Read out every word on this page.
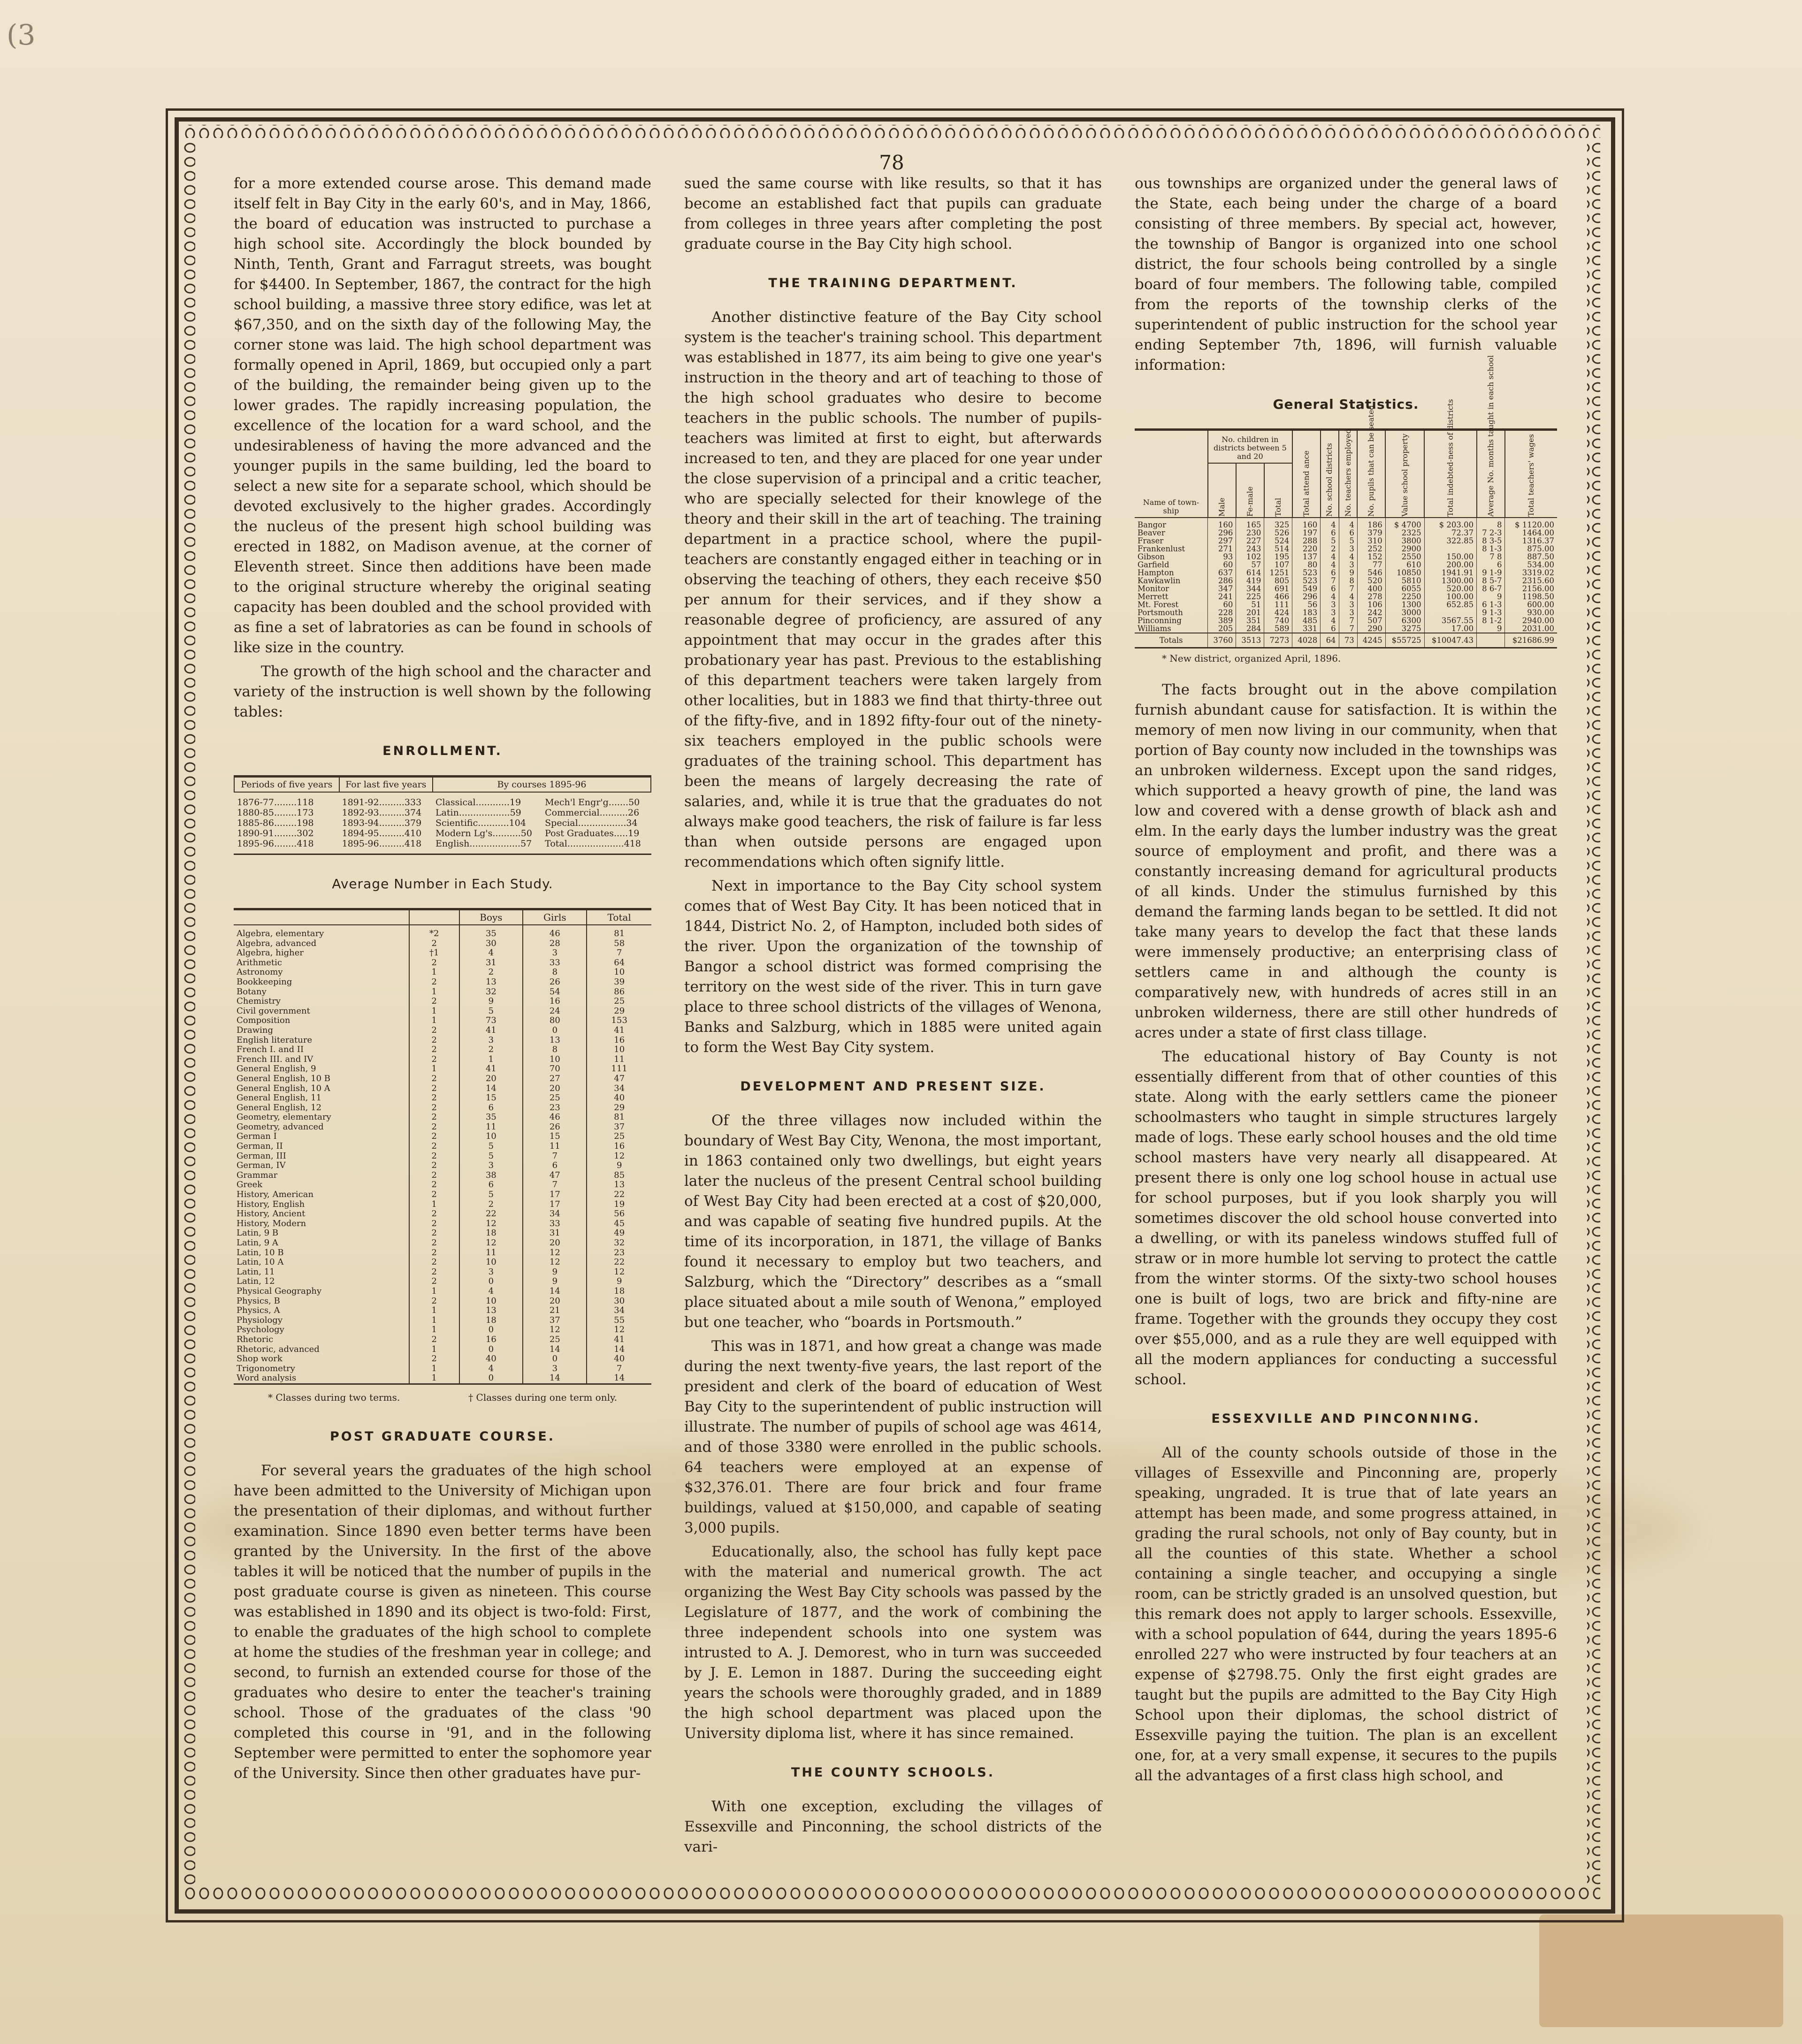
(3
78

for a more extended course arose. This demand made itself felt in Bay City in the early 60's, and in May, 1866, the board of education was instructed to purchase a high school site. Accordingly the block bounded by Ninth, Tenth, Grant and Farragut streets, was bought for $4400. In September, 1867, the contract for the high school building, a massive three story edifice, was let at $67,350, and on the sixth day of the following May, the corner stone was laid. The high school department was formally opened in April, 1869, but occupied only a part of the building, the remainder being given up to the lower grades. The rapidly increasing population, the excellence of the location for a ward school, and the undesirableness of having the more advanced and the younger pupils in the same building, led the board to select a new site for a separate school, which should be devoted exclusively to the higher grades. Accordingly the nucleus of the present high school building was erected in 1882, on Madison avenue, at the corner of Eleventh street. Since then additions have been made to the original structure whereby the original seating capacity has been doubled and the school provided with as fine a set of labratories as can be found in schools of like size in the country.

The growth of the high school and the character and variety of the instruction is well shown by the following tables:

ENROLLMENT.
Periods of five years	For last five years	By courses 1895-96	
1876-77........118	1891-92.........333	Classical............19	Mech'l Engr'g.......50
1880-85........173	1892-93.........374	Latin..................59	Commercial..........26
1885-86........198	1893-94.........379	Scientific...........104	Special.................34
1890-91........302	1894-95.........410	Modern Lg's..........50	Post Graduates.....19
1895-96........418	1895-96.........418	English..................57	Total....................418
Average Number in Each Study.
		Boys	Girls	Total
Algebra, elementary	*2	35	46	81
Algebra, advanced	2	30	28	58
Algebra, higher	†1	4	3	7
Arithmetic	2	31	33	64
Astronomy	1	2	8	10
Bookkeeping	2	13	26	39
Botany	1	32	54	86
Chemistry	2	9	16	25
Civil government	1	5	24	29
Composition	1	73	80	153
Drawing	2	41	0	41
English literature	2	3	13	16
French I. and II	2	2	8	10
French III. and IV	2	1	10	11
General English, 9	1	41	70	111
General English, 10 B	2	20	27	47
General English, 10 A	2	14	20	34
General English, 11	2	15	25	40
General English, 12	2	6	23	29
Geometry, elementary	2	35	46	81
Geometry, advanced	2	11	26	37
German I	2	10	15	25
German, II	2	5	11	16
German, III	2	5	7	12
German, IV	2	3	6	9
Grammar	2	38	47	85
Greek	2	6	7	13
History, American	2	5	17	22
History, English	1	2	17	19
History, Ancient	2	22	34	56
History, Modern	2	12	33	45
Latin, 9 B	2	18	31	49
Latin, 9 A	2	12	20	32
Latin, 10 B	2	11	12	23
Latin, 10 A	2	10	12	22
Latin, 11	2	3	9	12
Latin, 12	2	0	9	9
Physical Geography	1	4	14	18
Physics, B	2	10	20	30
Physics, A	1	13	21	34
Physiology	1	18	37	55
Psychology	1	0	12	12
Rhetoric	2	16	25	41
Rhetoric, advanced	1	0	14	14
Shop work	2	40	0	40
Trigonometry	1	4	3	7
Word analysis	1	0	14	14
* Classes during two terms.	† Classes during one term only.
POST GRADUATE COURSE.

For several years the graduates of the high school have been admitted to the University of Michigan upon the presentation of their diplomas, and without further examination. Since 1890 even better terms have been granted by the University. In the first of the above tables it will be noticed that the number of pupils in the post graduate course is given as nineteen. This course was established in 1890 and its object is two-fold: First, to enable the graduates of the high school to complete at home the studies of the freshman year in college; and second, to furnish an extended course for those of the graduates who desire to enter the teacher's training school. Those of the graduates of the class '90 completed this course in '91, and in the following September were permitted to enter the sophomore year of the University. Since then other graduates have pur-

sued the same course with like results, so that it has become an established fact that pupils can graduate from colleges in three years after completing the post graduate course in the Bay City high school.

THE TRAINING DEPARTMENT.

Another distinctive feature of the Bay City school system is the teacher's training school. This department was established in 1877, its aim being to give one year's instruction in the theory and art of teaching to those of the high school graduates who desire to become teachers in the public schools. The number of pupils-teachers was limited at first to eight, but afterwards increased to ten, and they are placed for one year under the close supervision of a principal and a critic teacher, who are specially selected for their knowlege of the theory and their skill in the art of teaching. The training department in a practice school, where the pupil-teachers are constantly engaged either in teaching or in observing the teaching of others, they each receive $50 per annum for their services, and if they show a reasonable degree of proficiency, are assured of any appointment that may occur in the grades after this probationary year has past. Previous to the establishing of this department teachers were taken largely from other localities, but in 1883 we find that thirty-three out of the fifty-five, and in 1892 fifty-four out of the ninety-six teachers employed in the public schools were graduates of the training school. This department has been the means of largely decreasing the rate of salaries, and, while it is true that the graduates do not always make good teachers, the risk of failure is far less than when outside persons are engaged upon recommendations which often signify little.

Next in importance to the Bay City school system comes that of West Bay City. It has been noticed that in 1844, District No. 2, of Hampton, included both sides of the river. Upon the organization of the township of Bangor a school district was formed comprising the territory on the west side of the river. This in turn gave place to three school districts of the villages of Wenona, Banks and Salzburg, which in 1885 were united again to form the West Bay City system.

DEVELOPMENT AND PRESENT SIZE.

Of the three villages now included within the boundary of West Bay City, Wenona, the most important, in 1863 contained only two dwellings, but eight years later the nucleus of the present Central school building of West Bay City had been erected at a cost of $20,000, and was capable of seating five hundred pupils. At the time of its incorporation, in 1871, the village of Banks found it necessary to employ but two teachers, and Salzburg, which the “Directory” describes as a “small place situated about a mile south of Wenona,” employed but one teacher, who “boards in Portsmouth.”

This was in 1871, and how great a change was made during the next twenty-five years, the last report of the president and clerk of the board of education of West Bay City to the superintendent of public instruction will illustrate. The number of pupils of school age was 4614, and of those 3380 were enrolled in the public schools. 64 teachers were employed at an expense of $32,376.01. There are four brick and four frame buildings, valued at $150,000, and capable of seating 3,000 pupils.

Educationally, also, the school has fully kept pace with the material and numerical growth. The act organizing the West Bay City schools was passed by the Legislature of 1877, and the work of combining the three independent schools into one system was intrusted to A. J. Demorest, who in turn was succeeded by J. E. Lemon in 1887. During the succeeding eight years the schools were thoroughly graded, and in 1889 the high school department was placed upon the University diploma list, where it has since remained.

THE COUNTY SCHOOLS.

With one exception, excluding the villages of Essexville and Pinconning, the school districts of the vari-

ous townships are organized under the general laws of the State, each being under the charge of a board consisting of three members. By special act, however, the township of Bangor is organized into one school district, the four schools being controlled by a single board of four members. The following table, compiled from the reports of the township clerks of the superintendent of public instruction for the school year ending September 7th, 1896, will furnish valuable information:

General Statistics.
Name of town-ship	No. children in districts between 5 and 20			Total attend ance	No. school districts	No. teachers employed	No. pupils that can be seated	Value school property	Total indebted-ness of districts	Average No. months taught in each school	Total teachers' wages
	Male	Fe-male	Total								
Bangor	160	165	325	160	4	4	186	$ 4700	$ 203.00	8	$ 1120.00
Beaver	296	230	526	197	6	6	379	2325	72.37	7 2-3	1464.00
Fraser	297	227	524	288	5	5	310	3800	322.85	8 3-5	1316.37
Frankenlust	271	243	514	220	2	3	252	2900		8 1-3	875.00
Gibson	93	102	195	137	4	4	152	2550	150.00	7 8	887.50
Garfield	60	57	107	80	4	3	77	610	200.00	6	534.00
Hampton	637	614	1251	523	6	9	546	10850	1941.91	9 1-9	3319.02
Kawkawlin	286	419	805	523	7	8	520	5810	1300.00	8 5-7	2315.60
Monitor	347	344	691	549	6	7	400	6055	520.00	8 6-7	2156.00
Merrett	241	225	466	296	4	4	278	2250	100.00	9	1198.50
Mt. Forest	60	51	111	56	3	3	106	1300	652.85	6 1-3	600.00
Portsmouth	228	201	424	183	3	3	242	3000		9 1-3	930.00
Pinconning	389	351	740	485	4	7	507	6300	3567.55	8 1-2	2940.00
Williams	205	284	589	331	6	7	290	3275	17.00	9	2031.00
Totals	3760	3513	7273	4028	64	73	4245	$55725	$10047.43		$21686.99

* New district, organized April, 1896.

The facts brought out in the above compilation furnish abundant cause for satisfaction. It is within the memory of men now living in our community, when that portion of Bay county now included in the townships was an unbroken wilderness. Except upon the sand ridges, which supported a heavy growth of pine, the land was low and covered with a dense growth of black ash and elm. In the early days the lumber industry was the great source of employment and profit, and there was a constantly increasing demand for agricultural products of all kinds. Under the stimulus furnished by this demand the farming lands began to be settled. It did not take many years to develop the fact that these lands were immensely productive; an enterprising class of settlers came in and although the county is comparatively new, with hundreds of acres still in an unbroken wilderness, there are still other hundreds of acres under a state of first class tillage.

The educational history of Bay County is not essentially different from that of other counties of this state. Along with the early settlers came the pioneer schoolmasters who taught in simple structures largely made of logs. These early school houses and the old time school masters have very nearly all disappeared. At present there is only one log school house in actual use for school purposes, but if you look sharply you will sometimes discover the old school house converted into a dwelling, or with its paneless windows stuffed full of straw or in more humble lot serving to protect the cattle from the winter storms. Of the sixty-two school houses one is built of logs, two are brick and fifty-nine are frame. Together with the grounds they occupy they cost over $55,000, and as a rule they are well equipped with all the modern appliances for conducting a successful school.

ESSEXVILLE AND PINCONNING.

All of the county schools outside of those in the villages of Essexville and Pinconning are, properly speaking, ungraded. It is true that of late years an attempt has been made, and some progress attained, in grading the rural schools, not only of Bay county, but in all the counties of this state. Whether a school containing a single teacher, and occupying a single room, can be strictly graded is an unsolved question, but this remark does not apply to larger schools. Essexville, with a school population of 644, during the years 1895-6 enrolled 227 who were instructed by four teachers at an expense of $2798.75. Only the first eight grades are taught but the pupils are admitted to the Bay City High School upon their diplomas, the school district of Essexville paying the tuition. The plan is an excellent one, for, at a very small expense, it secures to the pupils all the advantages of a first class high school, and
